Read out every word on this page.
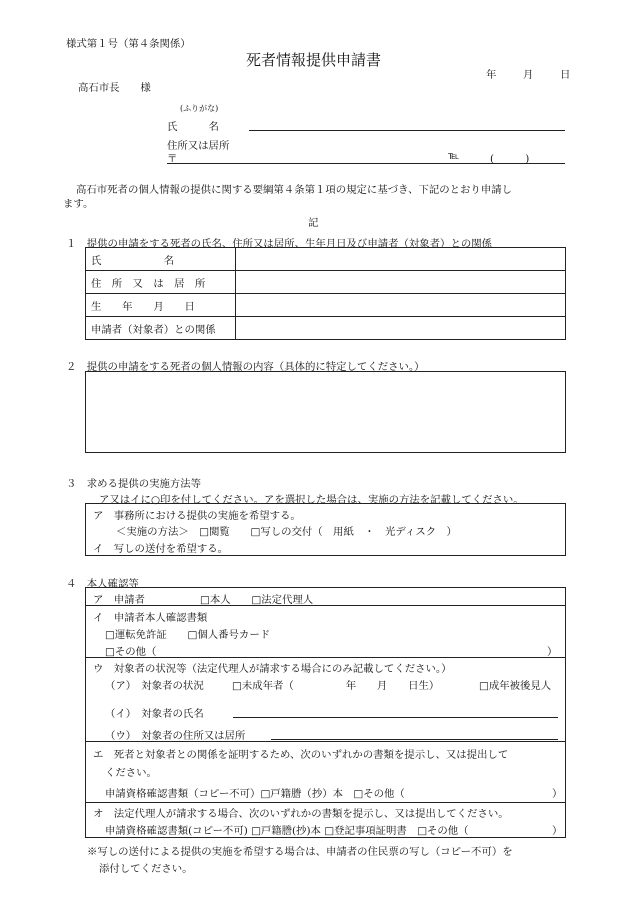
様式第１号（第４条関係）
死者情報提供申請書
年	月	日
高石市長　　様
(ふりがな)
氏　　　名
住所又は居所
〒	℡	(　　　)
高石市死者の個人情報の提供に関する要綱第４条第１項の規定に基づき、下記のとおり申請し
ます。
記
１　提供の申請をする死者の氏名、住所又は居所、生年月日及び申請者（対象者）との関係
氏　　　　　　名	
住　所　又　は　居　所	
生　　年　　月　　日	
申請者（対象者）との関係	
２　提供の申請をする死者の個人情報の内容（具体的に特定してください。）
３　求める提供の実施方法等
ア又はイに○印を付してください。アを選択した場合は、実施の方法を記載してください。
ア　事務所における提供の実施を希望する。
＜実施の方法＞　□閲覧　　□写しの交付（　用紙　・　光ディスク　）
イ　写しの送付を希望する。
４　本人確認等
ア　申請者	□本人　　□法定代理人
イ　申請者本人確認書類
□運転免許証　　□個人番号カード
□その他（	）
ウ　対象者の状況等（法定代理人が請求する場合にのみ記載してください。）
（ア）　対象者の状況	□未成年者（　　　　　年　　月　　日生）	□成年被後見人
（イ）　対象者の氏名
（ウ）　対象者の住所又は居所
エ　死者と対象者との関係を証明するため、次のいずれかの書類を提示し、又は提出して
ください。
申請資格確認書類（コピー不可）□戸籍謄（抄）本　□その他（	）
オ　法定代理人が請求する場合、次のいずれかの書類を提示し、又は提出してください。
申請資格確認書類(コピー不可) □戸籍謄(抄)本 □登記事項証明書　□その他（	）
※写しの送付による提供の実施を希望する場合は、申請者の住民票の写し（コピー不可）を
添付してください。
